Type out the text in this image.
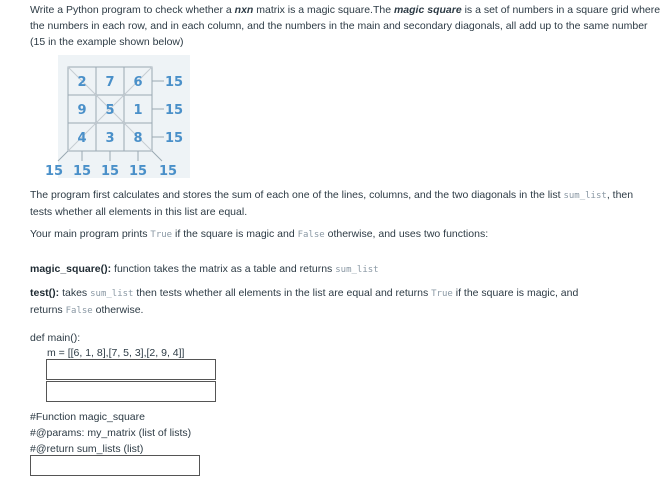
Write a Python program to check whether a nxn matrix is a magic square.The magic square is a set of numbers in a square grid where
the numbers in each row, and in each column, and the numbers in the main and secondary diagonals, all add up to the same number
(15 in the example shown below)
2 7 6
9 5 1
4 3 8
15
15
15
15 15 15 15 15
The program first calculates and stores the sum of each one of the lines, columns, and the two diagonals in the list sum_list, then
tests whether all elements in this list are equal.
Your main program prints True if the square is magic and False otherwise, and uses two functions:
magic_square(): function takes the matrix as a table and returns sum_list
test(): takes sum_list then tests whether all elements in the list are equal and returns True if the square is magic, and
returns False otherwise.
def main():
m = [[6, 1, 8],[7, 5, 3],[2, 9, 4]]
#Function magic_square
#@params: my_matrix (list of lists)
#@return sum_lists (list)
